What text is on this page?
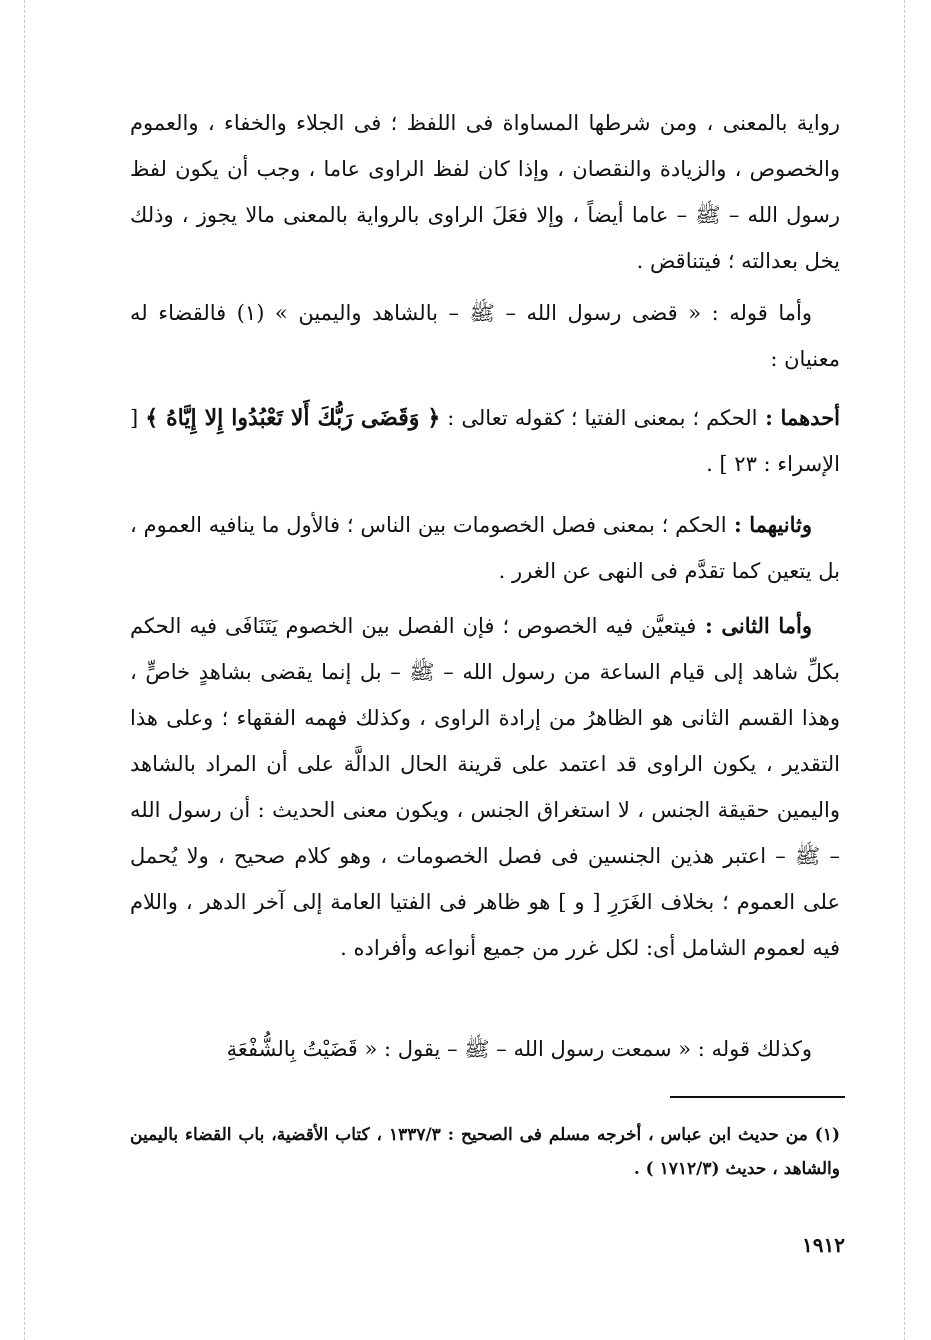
رواية بالمعنى ، ومن شرطها المساواة فى اللفظ ؛ فى الجلاء والخفاء ، والعموم والخصوص ، والزيادة والنقصان ، وإذا كان لفظ الراوى عاما ، وجب أن يكون لفظ رسول الله – ﷺ – عاما أيضاً ، وإلا فعَلَ الراوى بالرواية بالمعنى مالا يجوز ، وذلك يخل بعدالته ؛ فيتناقض .
وأما قوله : « قضى رسول الله – ﷺ – بالشاهد واليمين » (١) فالقضاء له معنيان :
أحدهما : الحكم ؛ بمعنى الفتيا ؛ كقوله تعالى : ﴿ وَقَضَى رَبُّكَ أَلا تَعْبُدُوا إِلا إِيَّاهُ ﴾ [ الإسراء : ٢٣ ] .
وثانيهما : الحكم ؛ بمعنى فصل الخصومات بين الناس ؛ فالأول ما ينافيه العموم ، بل يتعين كما تقدَّم فى النهى عن الغرر .
وأما الثانى : فيتعيَّن فيه الخصوص ؛ فإن الفصل بين الخصوم يَتَنَافَى فيه الحكم بكلِّ شاهد إلى قيام الساعة من رسول الله – ﷺ – بل إنما يقضى بشاهدٍ خاصٍّ ، وهذا القسم الثانى هو الظاهرُ من إرادة الراوى ، وكذلك فهمه الفقهاء ؛ وعلى هذا التقدير ، يكون الراوى قد اعتمد على قرينة الحال الدالَّة على أن المراد بالشاهد واليمين حقيقة الجنس ، لا استغراق الجنس ، ويكون معنى الحديث : أن رسول الله – ﷺ – اعتبر هذين الجنسين فى فصل الخصومات ، وهو كلام صحيح ، ولا يُحمل على العموم ؛ بخلاف الغَرَرِ [ و ] هو ظاهر فى الفتيا العامة إلى آخر الدهر ، واللام فيه لعموم الشامل أى: لكل غرر من جميع أنواعه وأفراده .
وكذلك قوله : « سمعت رسول الله – ﷺ – يقول : « قَضَيْتُ بِالشُّفْعَةِ
(١) من حديث ابن عباس ، أخرجه مسلم فى الصحيح : ١٣٣٧/٣ ، كتاب الأقضية، باب القضاء باليمين والشاهد ، حديث (١٧١٢/٣ ) .
١٩١٢
